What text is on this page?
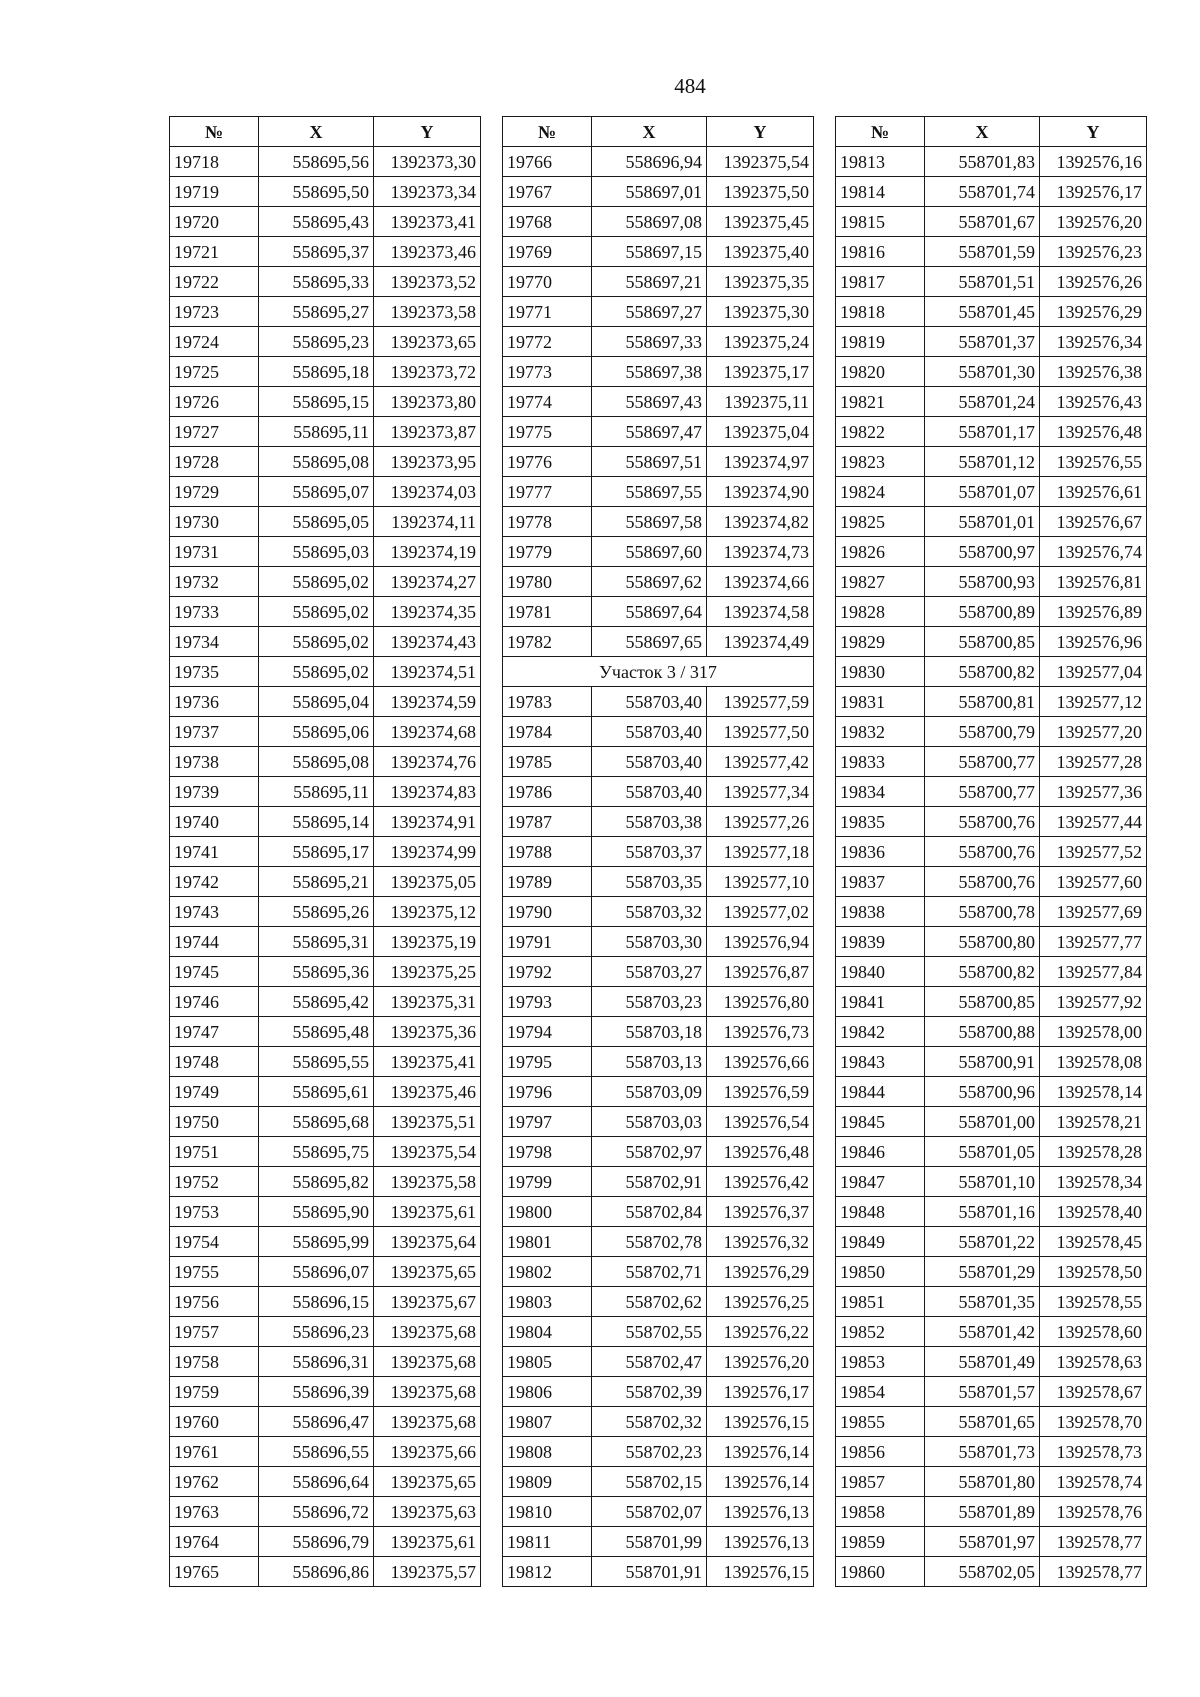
484
№	X	Y
19718	558695,56	1392373,30
19719	558695,50	1392373,34
19720	558695,43	1392373,41
19721	558695,37	1392373,46
19722	558695,33	1392373,52
19723	558695,27	1392373,58
19724	558695,23	1392373,65
19725	558695,18	1392373,72
19726	558695,15	1392373,80
19727	558695,11	1392373,87
19728	558695,08	1392373,95
19729	558695,07	1392374,03
19730	558695,05	1392374,11
19731	558695,03	1392374,19
19732	558695,02	1392374,27
19733	558695,02	1392374,35
19734	558695,02	1392374,43
19735	558695,02	1392374,51
19736	558695,04	1392374,59
19737	558695,06	1392374,68
19738	558695,08	1392374,76
19739	558695,11	1392374,83
19740	558695,14	1392374,91
19741	558695,17	1392374,99
19742	558695,21	1392375,05
19743	558695,26	1392375,12
19744	558695,31	1392375,19
19745	558695,36	1392375,25
19746	558695,42	1392375,31
19747	558695,48	1392375,36
19748	558695,55	1392375,41
19749	558695,61	1392375,46
19750	558695,68	1392375,51
19751	558695,75	1392375,54
19752	558695,82	1392375,58
19753	558695,90	1392375,61
19754	558695,99	1392375,64
19755	558696,07	1392375,65
19756	558696,15	1392375,67
19757	558696,23	1392375,68
19758	558696,31	1392375,68
19759	558696,39	1392375,68
19760	558696,47	1392375,68
19761	558696,55	1392375,66
19762	558696,64	1392375,65
19763	558696,72	1392375,63
19764	558696,79	1392375,61
19765	558696,86	1392375,57
№	X	Y
19766	558696,94	1392375,54
19767	558697,01	1392375,50
19768	558697,08	1392375,45
19769	558697,15	1392375,40
19770	558697,21	1392375,35
19771	558697,27	1392375,30
19772	558697,33	1392375,24
19773	558697,38	1392375,17
19774	558697,43	1392375,11
19775	558697,47	1392375,04
19776	558697,51	1392374,97
19777	558697,55	1392374,90
19778	558697,58	1392374,82
19779	558697,60	1392374,73
19780	558697,62	1392374,66
19781	558697,64	1392374,58
19782	558697,65	1392374,49
Участок 3 / 317		
19783	558703,40	1392577,59
19784	558703,40	1392577,50
19785	558703,40	1392577,42
19786	558703,40	1392577,34
19787	558703,38	1392577,26
19788	558703,37	1392577,18
19789	558703,35	1392577,10
19790	558703,32	1392577,02
19791	558703,30	1392576,94
19792	558703,27	1392576,87
19793	558703,23	1392576,80
19794	558703,18	1392576,73
19795	558703,13	1392576,66
19796	558703,09	1392576,59
19797	558703,03	1392576,54
19798	558702,97	1392576,48
19799	558702,91	1392576,42
19800	558702,84	1392576,37
19801	558702,78	1392576,32
19802	558702,71	1392576,29
19803	558702,62	1392576,25
19804	558702,55	1392576,22
19805	558702,47	1392576,20
19806	558702,39	1392576,17
19807	558702,32	1392576,15
19808	558702,23	1392576,14
19809	558702,15	1392576,14
19810	558702,07	1392576,13
19811	558701,99	1392576,13
19812	558701,91	1392576,15
№	X	Y
19813	558701,83	1392576,16
19814	558701,74	1392576,17
19815	558701,67	1392576,20
19816	558701,59	1392576,23
19817	558701,51	1392576,26
19818	558701,45	1392576,29
19819	558701,37	1392576,34
19820	558701,30	1392576,38
19821	558701,24	1392576,43
19822	558701,17	1392576,48
19823	558701,12	1392576,55
19824	558701,07	1392576,61
19825	558701,01	1392576,67
19826	558700,97	1392576,74
19827	558700,93	1392576,81
19828	558700,89	1392576,89
19829	558700,85	1392576,96
19830	558700,82	1392577,04
19831	558700,81	1392577,12
19832	558700,79	1392577,20
19833	558700,77	1392577,28
19834	558700,77	1392577,36
19835	558700,76	1392577,44
19836	558700,76	1392577,52
19837	558700,76	1392577,60
19838	558700,78	1392577,69
19839	558700,80	1392577,77
19840	558700,82	1392577,84
19841	558700,85	1392577,92
19842	558700,88	1392578,00
19843	558700,91	1392578,08
19844	558700,96	1392578,14
19845	558701,00	1392578,21
19846	558701,05	1392578,28
19847	558701,10	1392578,34
19848	558701,16	1392578,40
19849	558701,22	1392578,45
19850	558701,29	1392578,50
19851	558701,35	1392578,55
19852	558701,42	1392578,60
19853	558701,49	1392578,63
19854	558701,57	1392578,67
19855	558701,65	1392578,70
19856	558701,73	1392578,73
19857	558701,80	1392578,74
19858	558701,89	1392578,76
19859	558701,97	1392578,77
19860	558702,05	1392578,77
